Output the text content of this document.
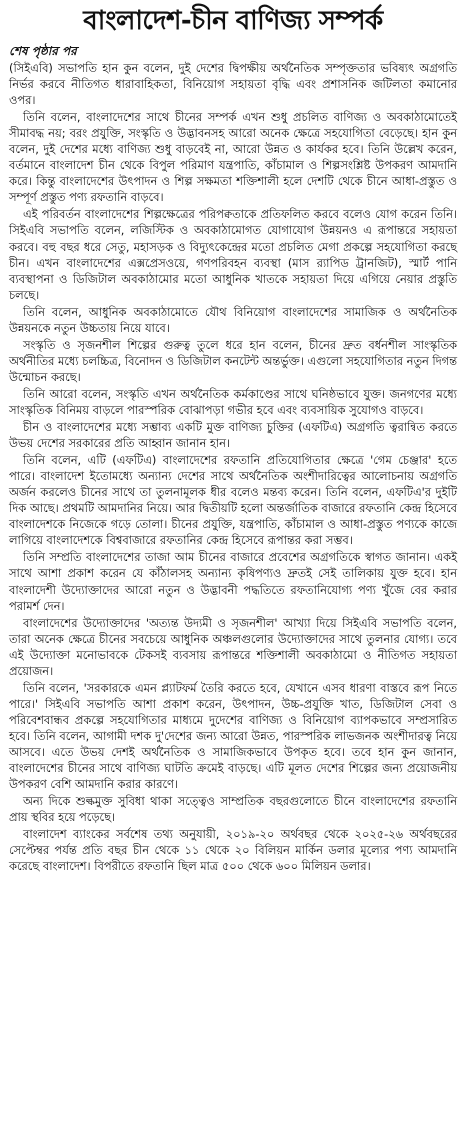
বাংলাদেশ-চীন বাণিজ্য সম্পর্ক
শেষ পৃষ্ঠার পর

(সিইএবি) সভাপতি হান কুন বলেন, দুই দেশের দ্বিপক্ষীয় অর্থনৈতিক সম্পৃক্ততার ভবিষ্যৎ অগ্রগতি নির্ভর করবে নীতিগত ধারাবাহিকতা, বিনিয়োগ সহায়তা বৃদ্ধি এবং প্রশাসনিক জটিলতা কমানোর ওপর।

তিনি বলেন, বাংলাদেশের সাথে চীনের সম্পর্ক এখন শুধু প্রচলিত বাণিজ্য ও অবকাঠামোতেই সীমাবদ্ধ নয়; বরং প্রযুক্তি, সংস্কৃতি ও উদ্ভাবনসহ আরো অনেক ক্ষেত্রে সহযোগিতা বেড়েছে। হান কুন বলেন, দুই দেশের মধ্যে বাণিজ্য শুধু বাড়বেই না, আরো উন্নত ও কার্যকর হবে। তিনি উল্লেখ করেন, বর্তমানে বাংলাদেশ চীন থেকে বিপুল পরিমাণ যন্ত্রপাতি, কাঁচামাল ও শিল্পসংশ্লিষ্ট উপকরণ আমদানি করে। কিন্তু বাংলাদেশের উৎপাদন ও শিল্প সক্ষমতা শক্তিশালী হলে দেশটি থেকে চীনে আধা-প্রস্তুত ও সম্পূর্ণ প্রস্তুত পণ্য রফতানি বাড়বে।

এই পরিবর্তন বাংলাদেশের শিল্পক্ষেত্রের পরিপক্বতাকে প্রতিফলিত করবে বলেও যোগ করেন তিনি। সিইএবি সভাপতি বলেন, লজিস্টিক ও অবকাঠামোগত যোগাযোগ উন্নয়নও এ রূপান্তরে সহায়তা করবে। বহু বছর ধরে সেতু, মহাসড়ক ও বিদ্যুৎকেন্দ্রের মতো প্রচলিত মেগা প্রকল্পে সহযোগিতা করছে চীন। এখন বাংলাদেশের এক্সপ্রেসওয়ে, গণপরিবহন ব্যবস্থা (মাস র‍্যাপিড ট্রানজিট), স্মার্ট পানি ব্যবস্থাপনা ও ডিজিটাল অবকাঠামোর মতো আধুনিক খাতকে সহায়তা দিয়ে এগিয়ে নেয়ার প্রস্তুতি চলছে।

তিনি বলেন, আধুনিক অবকাঠামোতে যৌথ বিনিয়োগ বাংলাদেশের সামাজিক ও অর্থনৈতিক উন্নয়নকে নতুন উচ্চতায় নিয়ে যাবে।

সংস্কৃতি ও সৃজনশীল শিল্পের গুরুত্ব তুলে ধরে হান বলেন, চীনের দ্রুত বর্ধনশীল সাংস্কৃতিক অর্থনীতির মধ্যে চলচ্চিত্র, বিনোদন ও ডিজিটাল কনটেন্ট অন্তর্ভুক্ত। এগুলো সহযোগিতার নতুন দিগন্ত উন্মোচন করছে।

তিনি আরো বলেন, সংস্কৃতি এখন অর্থনৈতিক কর্মকাণ্ডের সাথে ঘনিষ্ঠভাবে যুক্ত। জনগণের মধ্যে সাংস্কৃতিক বিনিময় বাড়লে পারস্পরিক বোঝাপড়া গভীর হবে এবং ব্যবসায়িক সুযোগও বাড়বে।

চীন ও বাংলাদেশের মধ্যে সম্ভাব্য একটি মুক্ত বাণিজ্য চুক্তির (এফটিএ) অগ্রগতি ত্বরান্বিত করতে উভয় দেশের সরকারের প্রতি আহ্বান জানান হান।

তিনি বলেন, এটি (এফটিএ) বাংলাদেশের রফতানি প্রতিযোগিতার ক্ষেত্রে 'গেম চেঞ্জার' হতে পারে। বাংলাদেশ ইতোমধ্যে অন্যান্য দেশের সাথে অর্থনৈতিক অংশীদারিত্বের আলোচনায় অগ্রগতি অর্জন করলেও চীনের সাথে তা তুলনামূলক ধীর বলেও মন্তব্য করেন। তিনি বলেন, এফটিএ'র দুইটি দিক আছে। প্রথমটি আমদানির নিয়ে। আর দ্বিতীয়টি হলো অন্তর্জাতিক বাজারে রফতানি কেন্দ্র হিসেবে বাংলাদেশকে নিজেকে গড়ে তোলা। চীনের প্রযুক্তি, যন্ত্রপাতি, কাঁচামাল ও আধা-প্রস্তুত পণ্যকে কাজে লাগিয়ে বাংলাদেশকে বিশ্ববাজারে রফতানির কেন্দ্র হিসেবে রূপান্তর করা সম্ভব।

তিনি সম্প্রতি বাংলাদেশের তাজা আম চীনের বাজারে প্রবেশের অগ্রগতিকে স্বাগত জানান। একই সাথে আশা প্রকাশ করেন যে কাঁঠালসহ অন্যান্য কৃষিপণ্যও দ্রুতই সেই তালিকায় যুক্ত হবে। হান বাংলাদেশী উদ্যোক্তাদের আরো নতুন ও উদ্ভাবনী পদ্ধতিতে রফতানিযোগ্য পণ্য খুঁজে বের করার পরামর্শ দেন।

বাংলাদেশের উদ্যোক্তাদের 'অত্যন্ত উদ্যমী ও সৃজনশীল' আখ্যা দিয়ে সিইএবি সভাপতি বলেন, তারা অনেক ক্ষেত্রে চীনের সবচেয়ে আধুনিক অঞ্চলগুলোর উদ্যোক্তাদের সাথে তুলনার যোগ্য। তবে এই উদ্যোক্তা মনোভাবকে টেকসই ব্যবসায় রূপান্তরে শক্তিশালী অবকাঠামো ও নীতিগত সহায়তা প্রয়োজন।

তিনি বলেন, 'সরকারকে এমন প্ল্যাটফর্ম তৈরি করতে হবে, যেখানে এসব ধারণা বাস্তবে রূপ নিতে পারে।' সিইএবি সভাপতি আশা প্রকাশ করেন, উৎপাদন, উচ্চ-প্রযুক্তি খাত, ডিজিটাল সেবা ও পরিবেশবান্ধব প্রকল্পে সহযোগিতার মাধ্যমে দুদেশের বাণিজ্য ও বিনিয়োগ ব্যাপকভাবে সম্প্রসারিত হবে। তিনি বলেন, আগামী দশক দু'দেশের জন্য আরো উন্নত, পারস্পরিক লাভজনক অংশীদারত্ব নিয়ে আসবে। এতে উভয় দেশই অর্থনৈতিক ও সামাজিকভাবে উপকৃত হবে। তবে হান কুন জানান, বাংলাদেশের চীনের সাথে বাণিজ্য ঘাটতি ক্রমেই বাড়ছে। এটি মূলত দেশের শিল্পের জন্য প্রয়োজনীয় উপকরণ বেশি আমদানি করার কারণে।

অন্য দিকে শুল্কমুক্ত সুবিধা থাকা সত্ত্বেও সাম্প্রতিক বছরগুলোতে চীনে বাংলাদেশের রফতানি প্রায় স্থবির হয়ে পড়েছে।

বাংলাদেশ ব্যাংকের সর্বশেষ তথ্য অনুযায়ী, ২০১৯-২০ অর্থবছর থেকে ২০২৫-২৬ অর্থবছরের সেপ্টেম্বর পর্যন্ত প্রতি বছর চীন থেকে ১১ থেকে ২০ বিলিয়ন মার্কিন ডলার মূল্যের পণ্য আমদানি করেছে বাংলাদেশ। বিপরীতে রফতানি ছিল মাত্র ৫০০ থেকে ৬০০ মিলিয়ন ডলার।
